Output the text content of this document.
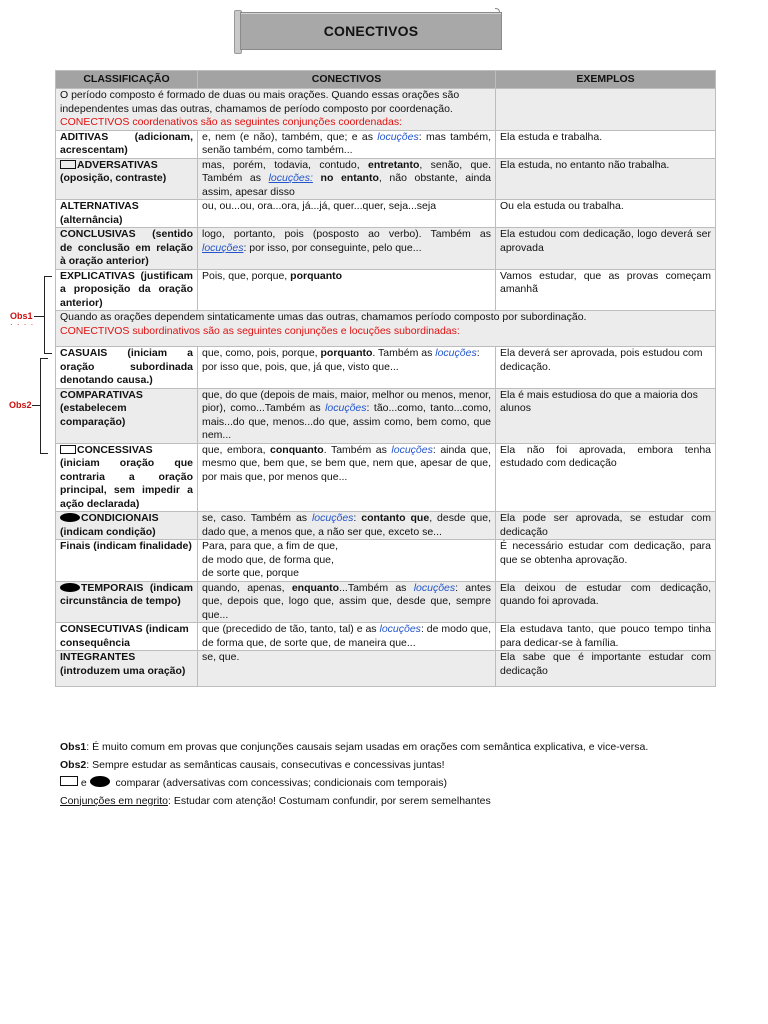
CONECTIVOS
CLASSIFICAÇÃO	CONECTIVOS	EXEMPLOS
O período composto é formado de duas ou mais orações. Quando essas orações são independentes umas das outras, chamamos de período composto por coordenação.
CONECTIVOS coordenativos são as seguintes conjunções coordenadas:		
ADITIVAS (adicionam, acrescentam)	e, nem (e não), também, que; e as locuções: mas também, senão também, como também...	Ela estuda e trabalha.
ADVERSATIVAS
(oposição, contraste)	mas, porém, todavia, contudo, entretanto, senão, que. Também as locuções: no entanto, não obstante, ainda assim, apesar disso	Ela estuda, no entanto não trabalha.
ALTERNATIVAS (alternância)	ou, ou...ou, ora...ora, já...já, quer...quer, seja...seja	Ou ela estuda ou trabalha.
CONCLUSIVAS (sentido de conclusão em relação à oração anterior)	logo, portanto, pois (posposto ao verbo). Também as locuções: por isso, por conseguinte, pelo que...	Ela estudou com dedicação, logo deverá ser aprovada
EXPLICATIVAS (justificam a proposição da oração anterior)	Pois, que, porque, porquanto	Vamos estudar, que as provas começam amanhã
Quando as orações dependem sintaticamente umas das outras, chamamos período composto por subordinação.
CONECTIVOS subordinativos são as seguintes conjunções e locuções subordinadas:		
CASUAIS (iniciam a oração subordinada denotando causa.)	que, como, pois, porque, porquanto. Também as locuções: por isso que, pois, que, já que, visto que...	Ela deverá ser aprovada, pois estudou com dedicação.
COMPARATIVAS (estabelecem comparação)	que, do que (depois de mais, maior, melhor ou menos, menor, pior), como...Também as locuções: tão...como, tanto...como, mais...do que, menos...do que, assim como, bem como, que nem...	Ela é mais estudiosa do que a maioria dos alunos
CONCESSIVAS (iniciam oração que contraria a oração principal, sem impedir a ação declarada)	que, embora, conquanto. Também as locuções: ainda que, mesmo que, bem que, se bem que, nem que, apesar de que, por mais que, por menos que...	Ela não foi aprovada, embora tenha estudado com dedicação
CONDICIONAIS
(indicam condição)	se, caso. Também as locuções: contanto que, desde que, dado que, a menos que, a não ser que, exceto se...	Ela pode ser aprovada, se estudar com dedicação
Finais (indicam finalidade)	Para, para que, a fim de que,
de modo que, de forma que,
de sorte que, porque	É necessário estudar com dedicação, para que se obtenha aprovação.
TEMPORAIS (indicam circunstância de tempo)	quando, apenas, enquanto...Também as locuções: antes que, depois que, logo que, assim que, desde que, sempre que...	Ela deixou de estudar com dedicação, quando foi aprovada.
CONSECUTIVAS (indicam consequência	que (precedido de tão, tanto, tal) e as locuções: de modo que, de forma que, de sorte que, de maneira que...	Ela estudava tanto, que pouco tempo tinha para dedicar-se à família.
INTEGRANTES (introduzem uma oração)	se, que.	Ela sabe que é importante estudar com dedicação
Obs1
· · · ·
Obs2
Obs1: É muito comum em provas que conjunções causais sejam usadas em orações com semântica explicativa, e vice-versa.
Obs2: Sempre estudar as semânticas causais, consecutivas e concessivas juntas!
e	comparar (adversativas com concessivas; condicionais com temporais)
Conjunções em negrito: Estudar com atenção! Costumam confundir, por serem semelhantes
